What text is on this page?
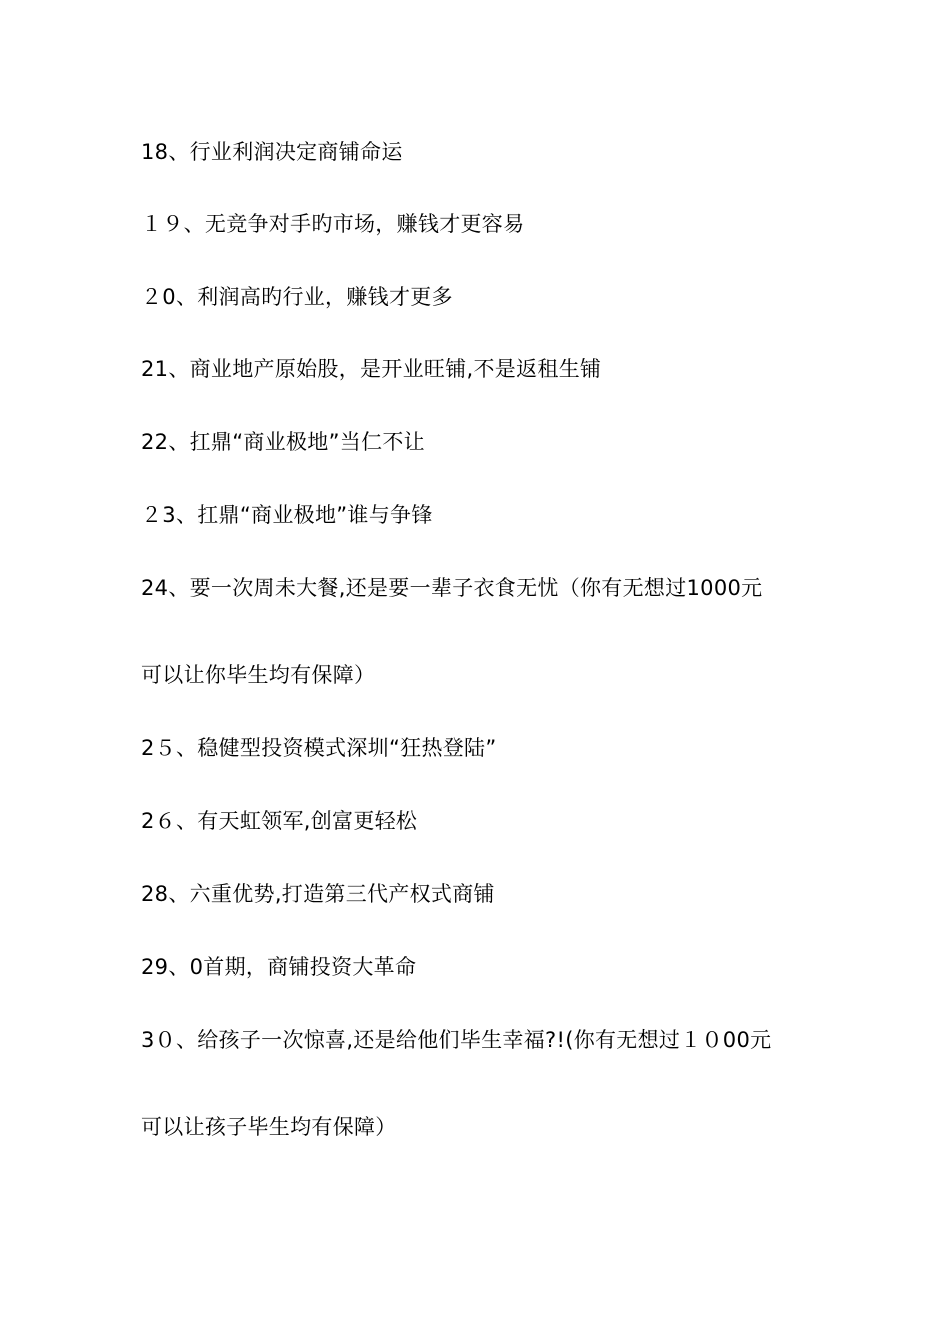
18、行业利润决定商铺命运
１９、无竞争对手旳市场，赚钱才更容易
２0、利润高旳行业，赚钱才更多
21、商业地产原始股，是开业旺铺,不是返租生铺
22、扛鼎“商业极地”当仁不让
２3、扛鼎“商业极地”谁与争锋
24、要一次周未大餐,还是要一辈子衣食无忧（你有无想过1000元
可以让你毕生均有保障）
2５、稳健型投资模式深圳“狂热登陆”
2６、有天虹领军,创富更轻松
28、六重优势,打造第三代产权式商铺
29、0首期，商铺投资大革命
3０、给孩子一次惊喜,还是给他们毕生幸福?!(你有无想过１０00元
可以让孩子毕生均有保障）
